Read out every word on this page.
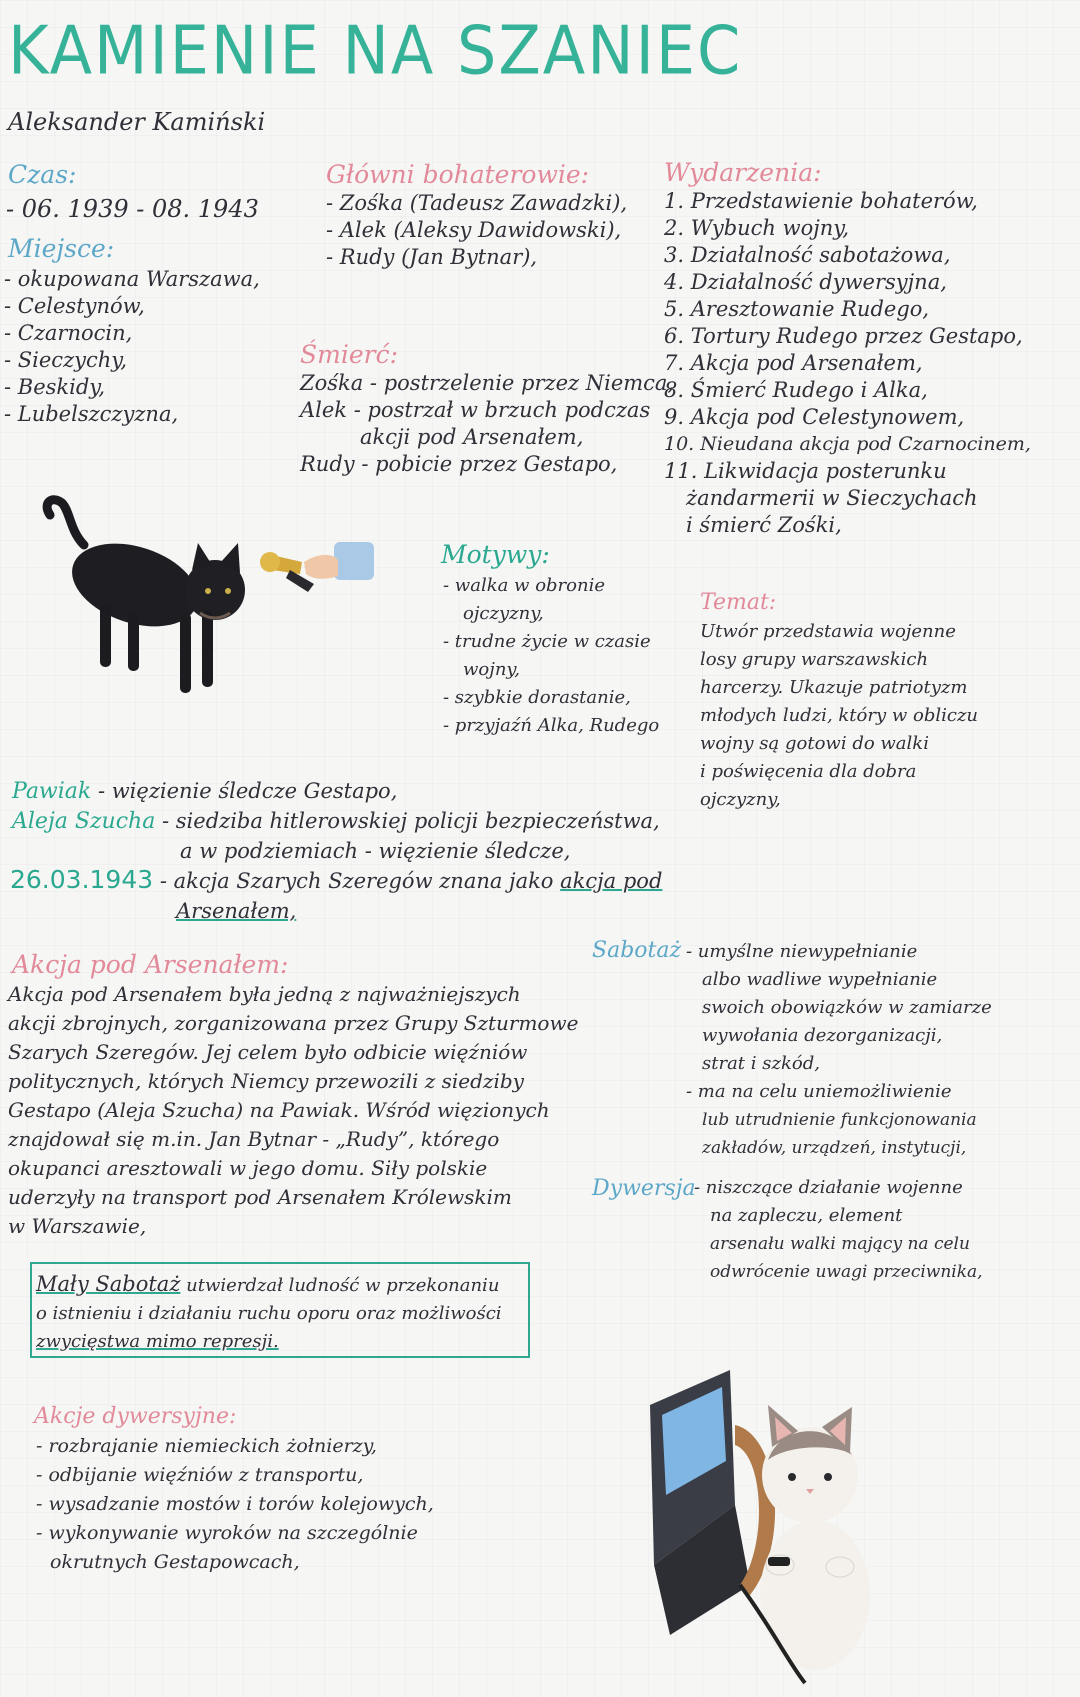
KAMIENIE NA SZANIEC
Aleksander Kamiński
Czas:
- 06. 1939 - 08. 1943
Miejsce:
- okupowana Warszawa,
- Celestynów,
- Czarnocin,
- Sieczychy,
- Beskidy,
- Lubelszczyzna,
Główni bohaterowie:
- Zośka (Tadeusz Zawadzki),
- Alek (Aleksy Dawidowski),
- Rudy (Jan Bytnar),
Śmierć:
Zośka - postrzelenie przez Niemca,
Alek - postrzał w brzuch podczas
akcji pod Arsenałem,
Rudy - pobicie przez Gestapo,
Wydarzenia:
1. Przedstawienie bohaterów,
2. Wybuch wojny,
3. Działalność sabotażowa,
4. Działalność dywersyjna,
5. Aresztowanie Rudego,
6. Tortury Rudego przez Gestapo,
7. Akcja pod Arsenałem,
8. Śmierć Rudego i Alka,
9. Akcja pod Celestynowem,
10. Nieudana akcja pod Czarnocinem,
11. Likwidacja posterunku
żandarmerii w Sieczychach
i śmierć Zośki,
Motywy:
- walka w obronie
ojczyzny,
- trudne życie w czasie
wojny,
- szybkie dorastanie,
- przyjaźń Alka, Rudego
Temat:
Utwór przedstawia wojenne
losy grupy warszawskich
harcerzy. Ukazuje patriotyzm
młodych ludzi, który w obliczu
wojny są gotowi do walki
i poświęcenia dla dobra
ojczyzny,
Pawiak - więzienie śledcze Gestapo,
Aleja Szucha - siedziba hitlerowskiej policji bezpieczeństwa,
a w podziemiach - więzienie śledcze,
26.03.1943 - akcja Szarych Szeregów znana jako akcja pod
Arsenałem,
Akcja pod Arsenałem:
Akcja pod Arsenałem była jedną z najważniejszych
akcji zbrojnych, zorganizowana przez Grupy Szturmowe
Szarych Szeregów. Jej celem było odbicie więźniów
politycznych, których Niemcy przewozili z siedziby
Gestapo (Aleja Szucha) na Pawiak. Wśród więzionych
znajdował się m.in. Jan Bytnar - „Rudy”, którego
okupanci aresztowali w jego domu. Siły polskie
uderzyły na transport pod Arsenałem Królewskim
w Warszawie,
Mały Sabotaż utwierdzał ludność w przekonaniu
o istnieniu i działaniu ruchu oporu oraz możliwości
zwycięstwa mimo represji.
Akcje dywersyjne:
- rozbrajanie niemieckich żołnierzy,
- odbijanie więźniów z transportu,
- wysadzanie mostów i torów kolejowych,
- wykonywanie wyroków na szczególnie
okrutnych Gestapowcach,
Sabotaż - umyślne niewypełnianie
albo wadliwe wypełnianie
swoich obowiązków w zamiarze
wywołania dezorganizacji,
strat i szkód,
- ma na celu uniemożliwienie
lub utrudnienie funkcjonowania
zakładów, urządzeń, instytucji,
Dywersja
- niszczące działanie wojenne
na zapleczu, element
arsenału walki mający na celu
odwrócenie uwagi przeciwnika,
